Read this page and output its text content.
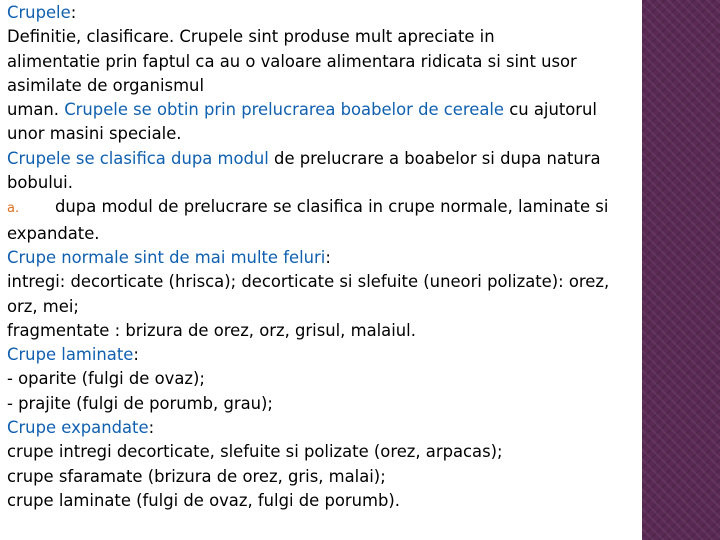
Crupele:
Definitie, clasificare. Crupele sint produse mult apreciate in
alimentatie prin faptul ca au o valoare alimentara ridicata si sint usor
asimilate de organismul
uman. Crupele se obtin prin prelucrarea boabelor de cereale cu ajutorul
unor masini speciale.
Crupele se clasifica dupa modul de prelucrare a boabelor si dupa natura
bobului.
a. dupa modul de prelucrare se clasifica in crupe normale, laminate si
expandate.
Crupe normale sint de mai multe feluri:
intregi: decorticate (hrisca); decorticate si slefuite (uneori polizate): orez,
orz, mei;
fragmentate : brizura de orez, orz, grisul, malaiul.
Crupe laminate:
- oparite (fulgi de ovaz);
- prajite (fulgi de porumb, grau);
Crupe expandate:
crupe intregi decorticate, slefuite si polizate (orez, arpacas);
crupe sfaramate (brizura de orez, gris, malai);
crupe laminate (fulgi de ovaz, fulgi de porumb).
